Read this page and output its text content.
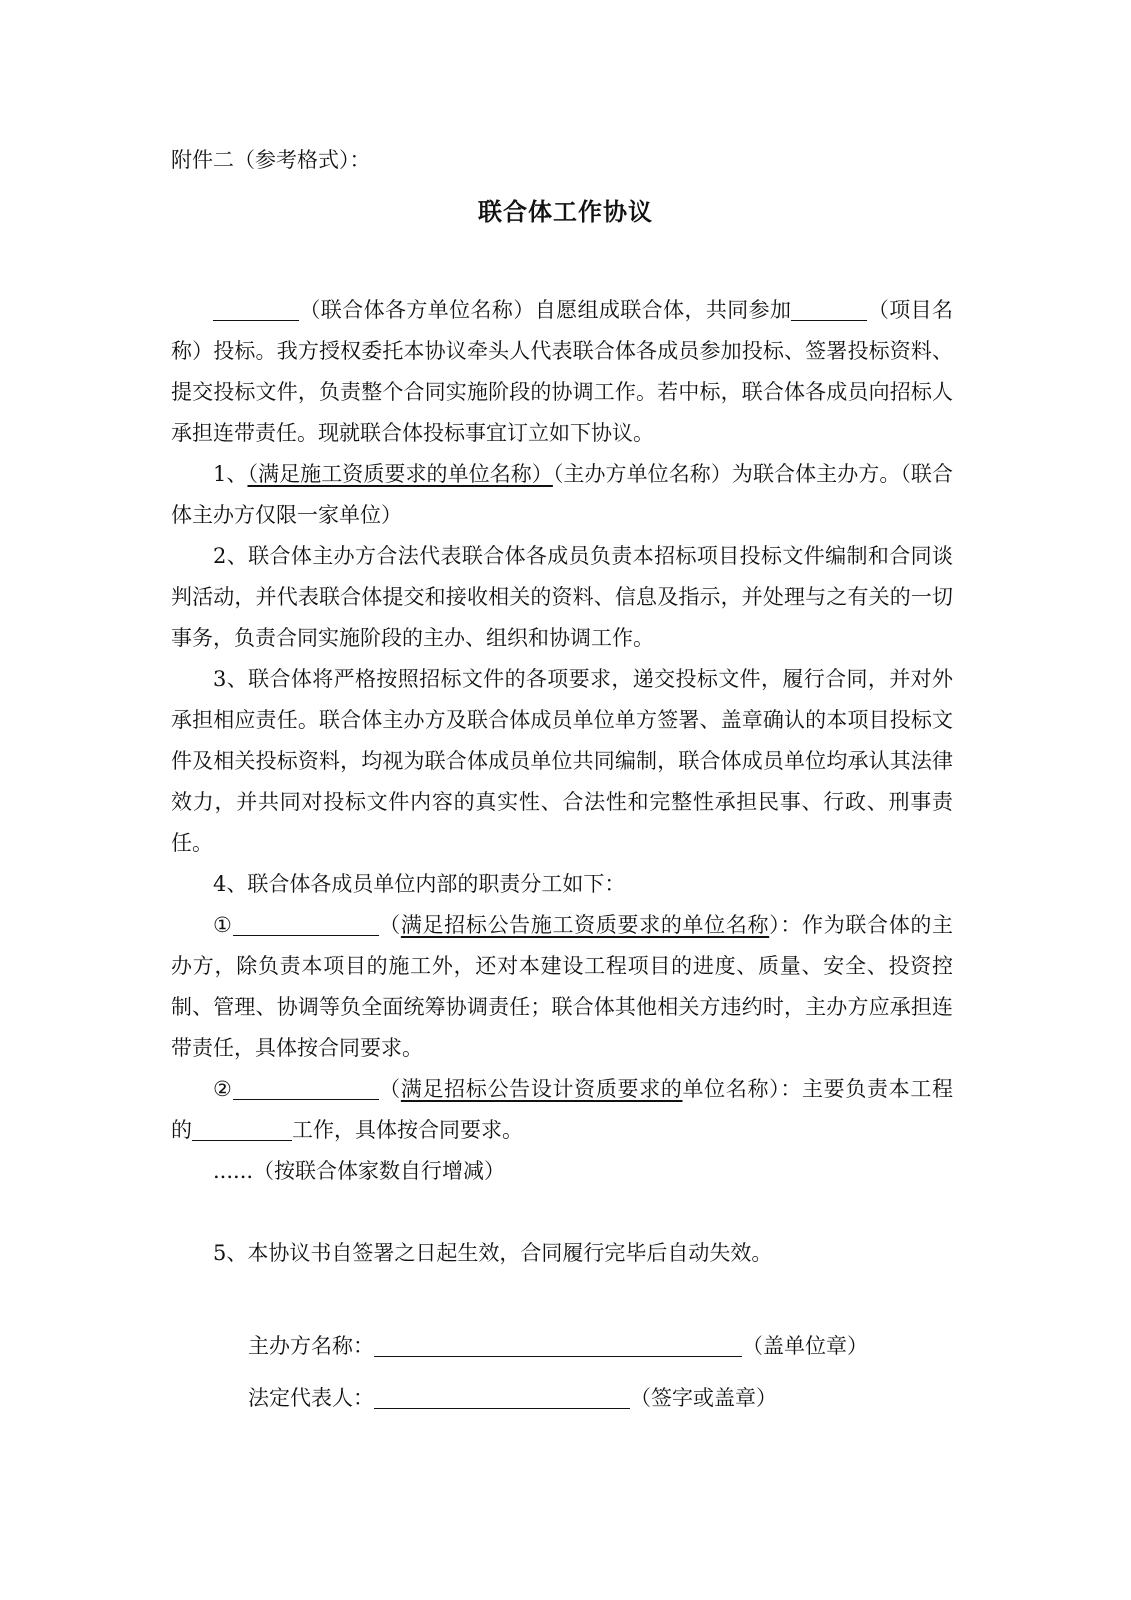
附件二（参考格式）：
联合体工作协议

（联合体各方单位名称）自愿组成联合体，共同参加	（项目名称）投标。我方授权委托本协议牵头人代表联合体各成员参加投标、签署投标资料、提交投标文件，负责整个合同实施阶段的协调工作。若中标，联合体各成员向招标人承担连带责任。现就联合体投标事宜订立如下协议。

1、（满足施工资质要求的单位名称）（主办方单位名称）为联合体主办方。（联合体主办方仅限一家单位）

2、联合体主办方合法代表联合体各成员负责本招标项目投标文件编制和合同谈判活动，并代表联合体提交和接收相关的资料、信息及指示，并处理与之有关的一切事务，负责合同实施阶段的主办、组织和协调工作。

3、联合体将严格按照招标文件的各项要求，递交投标文件，履行合同，并对外承担相应责任。联合体主办方及联合体成员单位单方签署、盖章确认的本项目投标文件及相关投标资料，均视为联合体成员单位共同编制，联合体成员单位均承认其法律效力，并共同对投标文件内容的真实性、合法性和完整性承担民事、行政、刑事责任。

4、联合体各成员单位内部的职责分工如下：

①	（满足招标公告施工资质要求的单位名称）：作为联合体的主办方，除负责本项目的施工外，还对本建设工程项目的进度、质量、安全、投资控制、管理、协调等负全面统筹协调责任；联合体其他相关方违约时，主办方应承担连带责任，具体按合同要求。

②	（满足招标公告设计资质要求的单位名称）：主要负责本工程的	工作，具体按合同要求。

......（按联合体家数自行增减）

5、本协议书自签署之日起生效，合同履行完毕后自动失效。

主办方名称：	（盖单位章）
法定代表人：	（签字或盖章）
